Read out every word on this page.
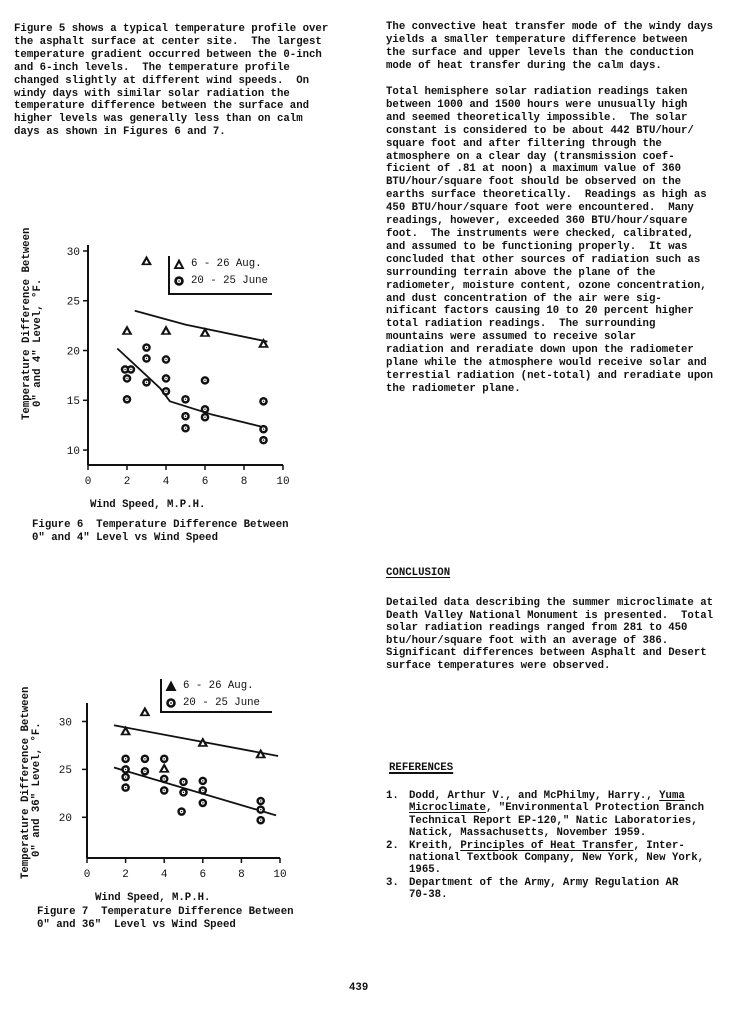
Figure 5 shows a typical temperature profile over
the asphalt surface at center site.  The largest
temperature gradient occurred between the 0-inch
and 6-inch levels.  The temperature profile
changed slightly at different wind speeds.  On
windy days with similar solar radiation the
temperature difference between the surface and
higher levels was generally less than on calm
days as shown in Figures 6 and 7.

Temperature Difference Between 0" and 4" Level, °F.
0	2	4	6	8	10
10
15
20
25
30
6 - 26 Aug.
20 - 25 June

Wind Speed, M.P.H.

Figure 6  Temperature Difference Between
0" and 4" Level vs Wind Speed

Temperature Difference Between 0" and 36" Level, °F.
0	2	4	6	8	10
20
25
30
6 - 26 Aug.
20 - 25 June

Wind Speed, M.P.H.

Figure 7  Temperature Difference Between
0" and 36"  Level vs Wind Speed

The convective heat transfer mode of the windy days
yields a smaller temperature difference between
the surface and upper levels than the conduction
mode of heat transfer during the calm days.

Total hemisphere solar radiation readings taken
between 1000 and 1500 hours were unusually high
and seemed theoretically impossible.  The solar
constant is considered to be about 442 BTU/hour/
square foot and after filtering through the
atmosphere on a clear day (transmission coef-
ficient of .81 at noon) a maximum value of 360
BTU/hour/square foot should be observed on the
earths surface theoretically.  Readings as high as
450 BTU/hour/square foot were encountered.  Many
readings, however, exceeded 360 BTU/hour/square
foot.  The instruments were checked, calibrated,
and assumed to be functioning properly.  It was
concluded that other sources of radiation such as
surrounding terrain above the plane of the
radiometer, moisture content, ozone concentration,
and dust concentration of the air were sig-
nificant factors causing 10 to 20 percent higher
total radiation readings.  The surrounding
mountains were assumed to receive solar
radiation and reradiate down upon the radiometer
plane while the atmosphere would receive solar and
terrestial radiation (net-total) and reradiate upon
the radiometer plane.

CONCLUSION

Detailed data describing the summer microclimate at
Death Valley National Monument is presented.  Total
solar radiation readings ranged from 281 to 450
btu/hour/square foot with an average of 386.
Significant differences between Asphalt and Desert
surface temperatures were observed.

REFERENCES

1. Dodd, Arthur V., and McPhilmy, Harry., Yuma
Microclimate, "Environmental Protection Branch
Technical Report EP-120," Natic Laboratories,
Natick, Massachusetts, November 1959.
2. Kreith, Principles of Heat Transfer, Inter-
national Textbook Company, New York, New York,
1965.
3. Department of the Army, Army Regulation AR
70-38.

439
